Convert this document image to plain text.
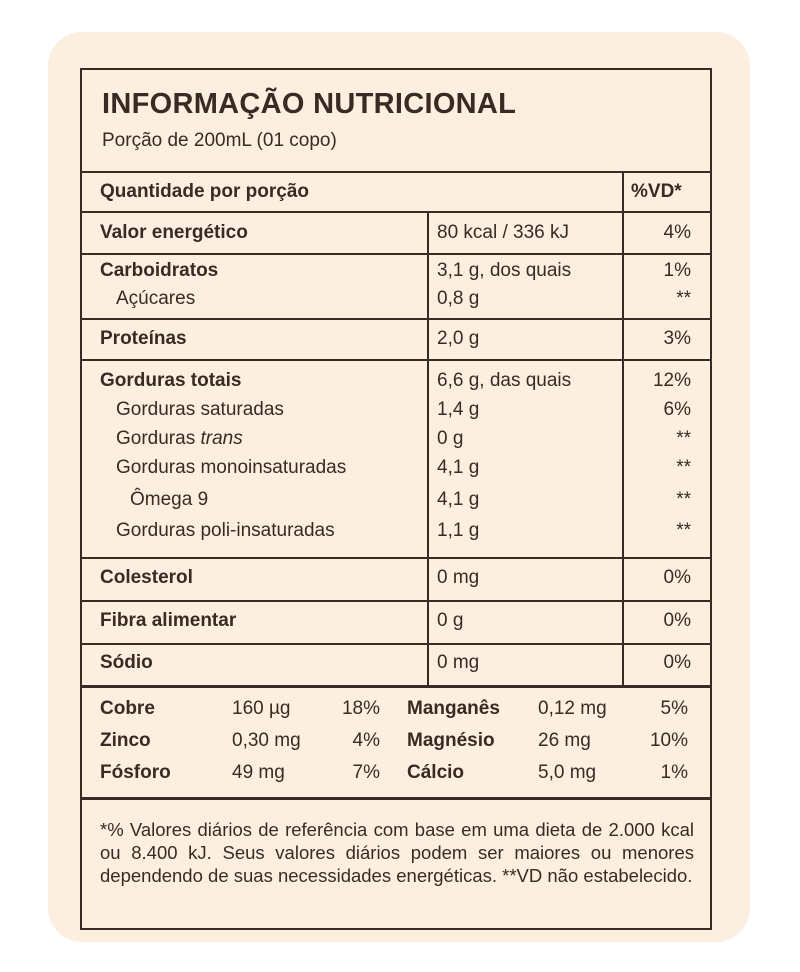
INFORMAÇÃO NUTRICIONAL
Porção de 200mL (01 copo)
Quantidade por porção	%VD*
Valor energético	80 kcal / 336 kJ	4%
Carboidratos	3,1 g, dos quais	1%
Açúcares	0,8 g	**
Proteínas	2,0 g	3%
Gorduras totais	6,6 g, das quais	12%
Gorduras saturadas	1,4 g	6%
Gorduras trans	0 g	**
Gorduras monoinsaturadas	4,1 g	**
Ômega 9	4,1 g	**
Gorduras poli-insaturadas	1,1 g	**
Colesterol	0 mg	0%
Fibra alimentar	0 g	0%
Sódio	0 mg	0%
Cobre	160 µg	18% Manganês 0,12 mg	5%
Zinco	0,30 mg	4% Magnésio 26 mg	10%
Fósforo	49 mg	7% Cálcio	5,0 mg	1%
*% Valores diários de referência com base em uma dieta de 2.000 kcal ou 8.400 kJ. Seus valores diários podem ser maiores ou menores dependendo de suas necessidades energéticas. **VD não estabelecido.
